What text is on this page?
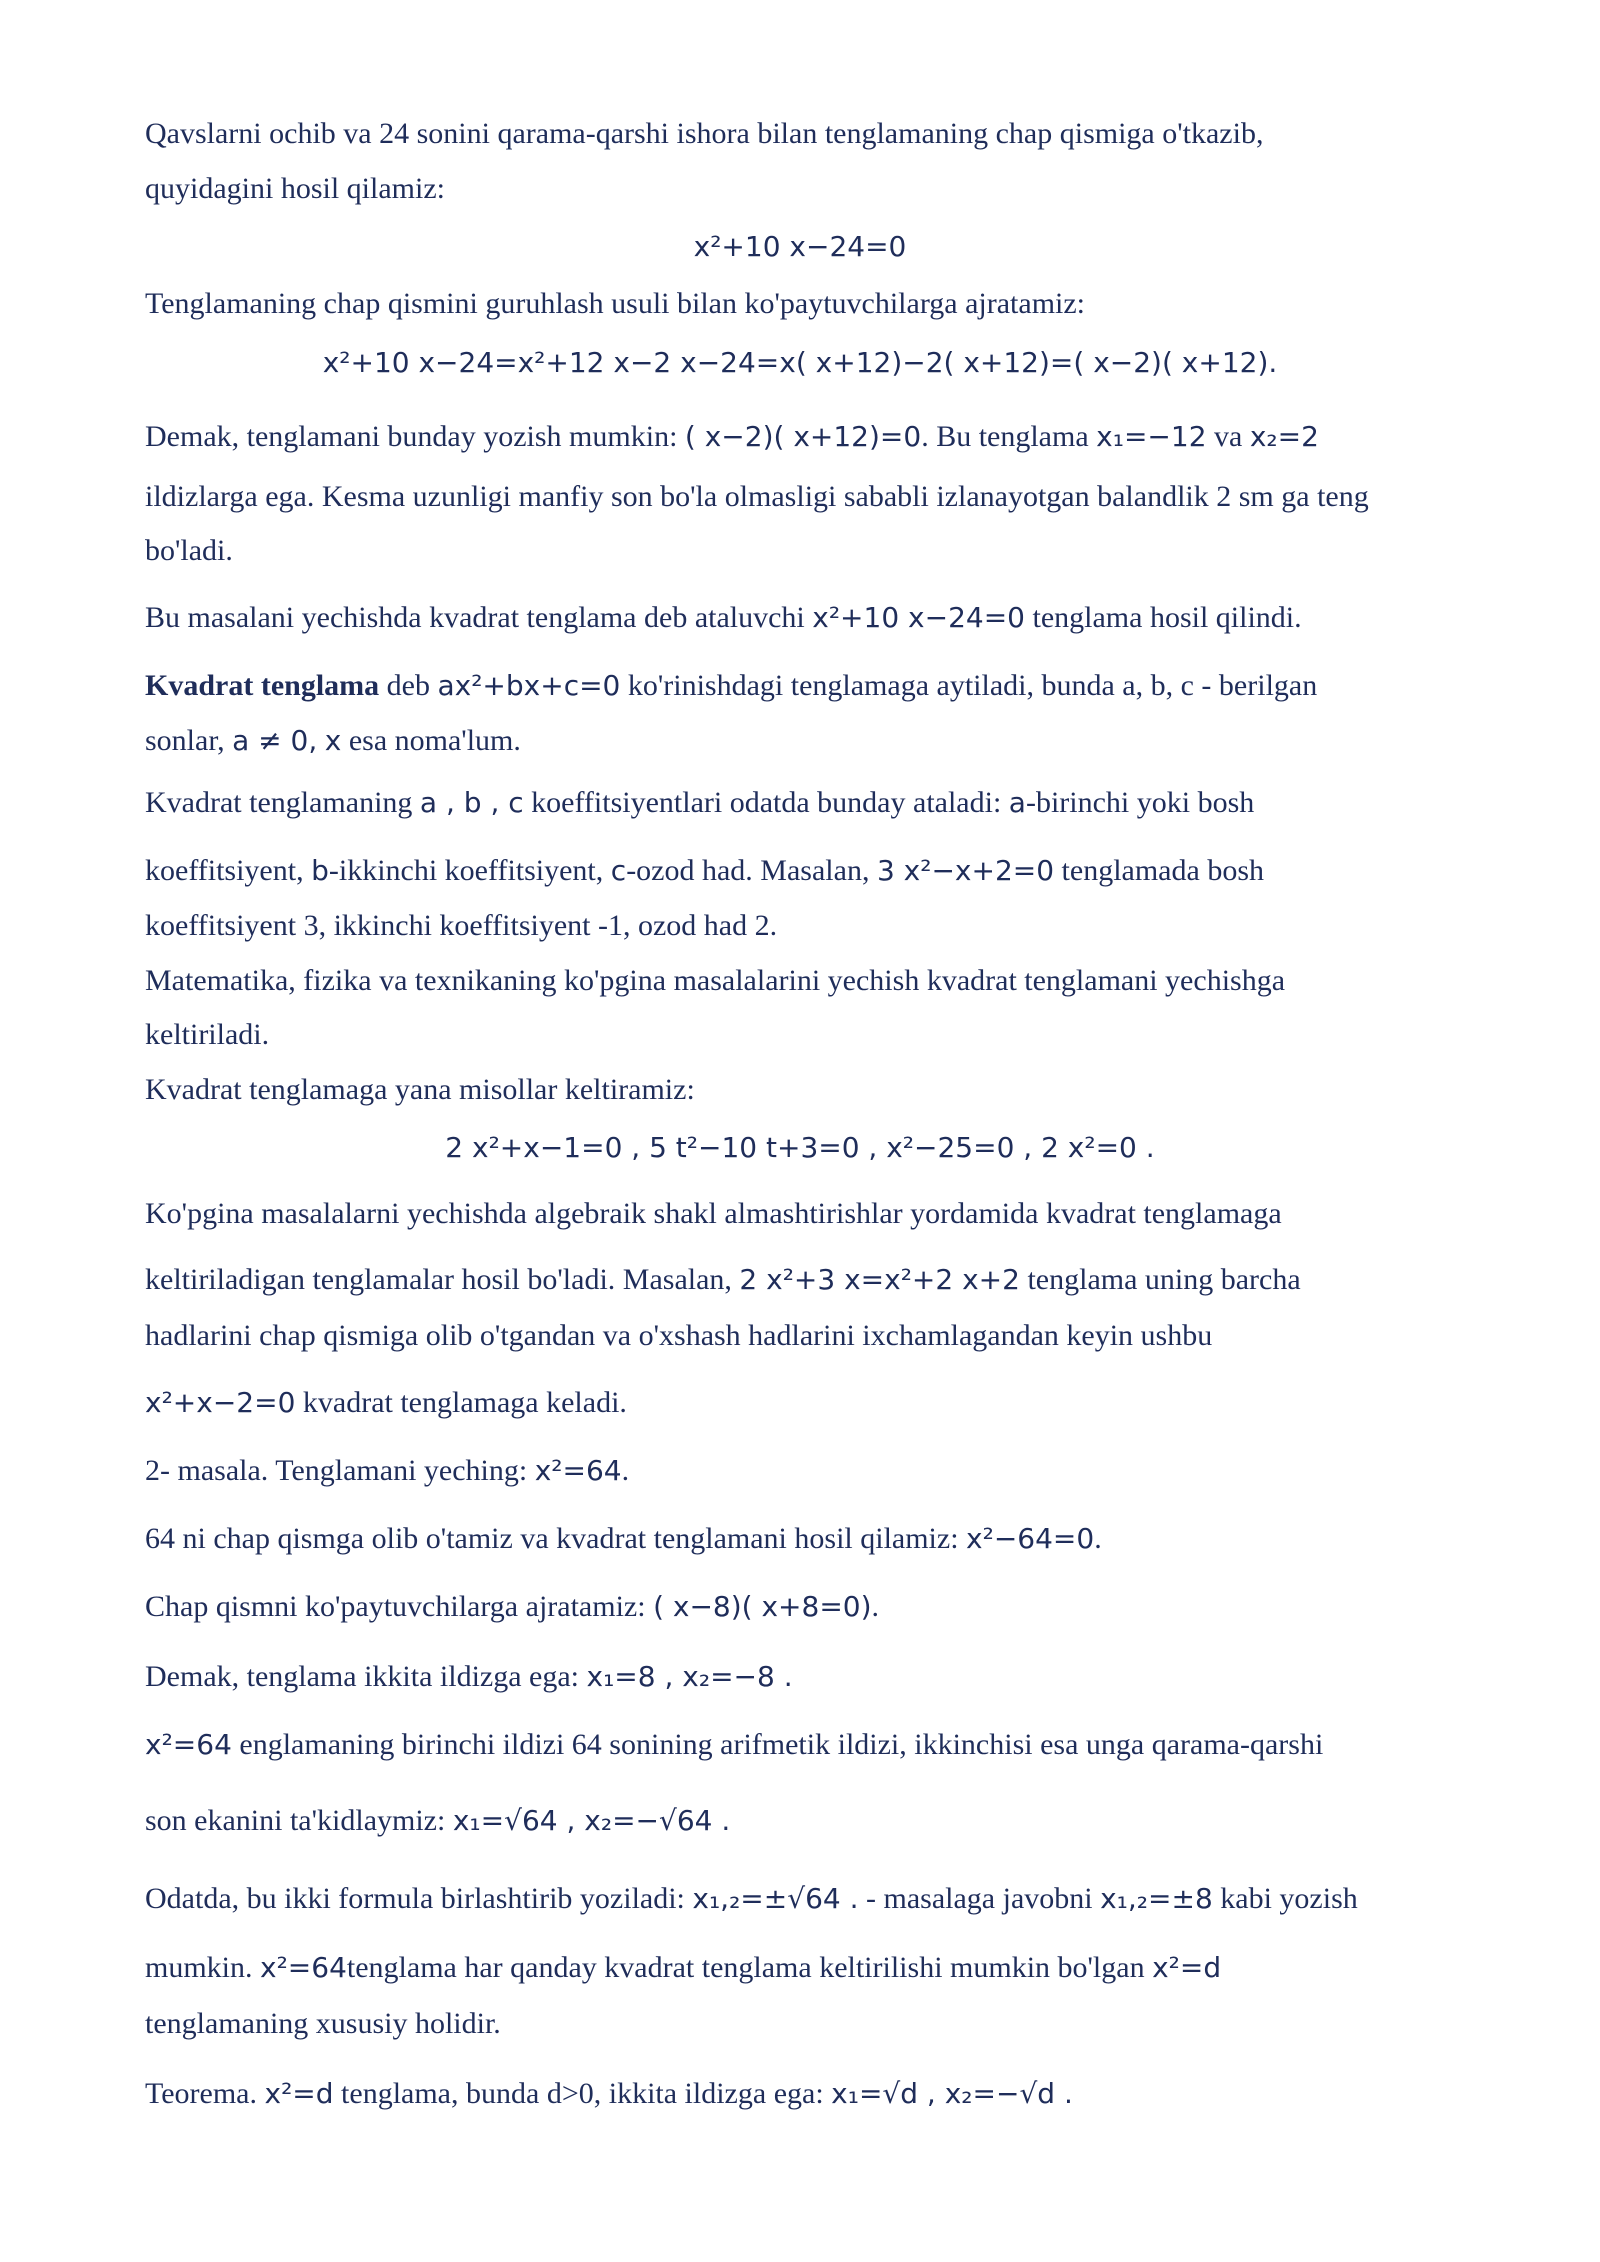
Qavslarni ochib va 24 sonini qarama-qarshi ishora bilan tenglamaning chap qismiga o'tkazib,
quyidagini hosil qilamiz:
x²+10 x−24=0
Tenglamaning chap qismini guruhlash usuli bilan ko'paytuvchilarga ajratamiz:
x²+10 x−24=x²+12 x−2 x−24=x( x+12)−2( x+12)=( x−2)( x+12).
Demak, tenglamani bunday yozish mumkin: ( x−2)( x+12)=0. Bu tenglama x₁=−12 va x₂=2
ildizlarga ega. Kesma uzunligi manfiy son bo'la olmasligi sababli izlanayotgan balandlik 2 sm ga teng
bo'ladi.
Bu masalani yechishda kvadrat tenglama deb ataluvchi x²+10 x−24=0 tenglama hosil qilindi.
Kvadrat tenglama deb ax²+bx+c=0 ko'rinishdagi tenglamaga aytiladi, bunda a, b, c - berilgan
sonlar, a ≠ 0, x esa noma'lum.
Kvadrat tenglamaning a , b , c koeffitsiyentlari odatda bunday ataladi: a-birinchi yoki bosh
koeffitsiyent, b-ikkinchi koeffitsiyent, c-ozod had. Masalan, 3 x²−x+2=0 tenglamada bosh
koeffitsiyent 3, ikkinchi koeffitsiyent -1, ozod had 2.
Matematika, fizika va texnikaning ko'pgina masalalarini yechish kvadrat tenglamani yechishga
keltiriladi.
Kvadrat tenglamaga yana misollar keltiramiz:
2 x²+x−1=0 , 5 t²−10 t+3=0 , x²−25=0 , 2 x²=0 .
Ko'pgina masalalarni yechishda algebraik shakl almashtirishlar yordamida kvadrat tenglamaga
keltiriladigan tenglamalar hosil bo'ladi. Masalan, 2 x²+3 x=x²+2 x+2 tenglama uning barcha
hadlarini chap qismiga olib o'tgandan va o'xshash hadlarini ixchamlagandan keyin ushbu
x²+x−2=0 kvadrat tenglamaga keladi.
2- masala. Tenglamani yeching: x²=64.
64 ni chap qismga olib o'tamiz va kvadrat tenglamani hosil qilamiz: x²−64=0.
Chap qismni ko'paytuvchilarga ajratamiz: ( x−8)( x+8=0).
Demak, tenglama ikkita ildizga ega: x₁=8 , x₂=−8 .
x²=64 englamaning birinchi ildizi 64 sonining arifmetik ildizi, ikkinchisi esa unga qarama-qarshi
son ekanini ta'kidlaymiz: x₁=√64 , x₂=−√64 .
Odatda, bu ikki formula birlashtirib yoziladi: x₁,₂=±√64 . - masalaga javobni x₁,₂=±8 kabi yozish
mumkin. x²=64tenglama har qanday kvadrat tenglama keltirilishi mumkin bo'lgan x²=d
tenglamaning xususiy holidir.
Teorema. x²=d tenglama, bunda d>0, ikkita ildizga ega: x₁=√d , x₂=−√d .
